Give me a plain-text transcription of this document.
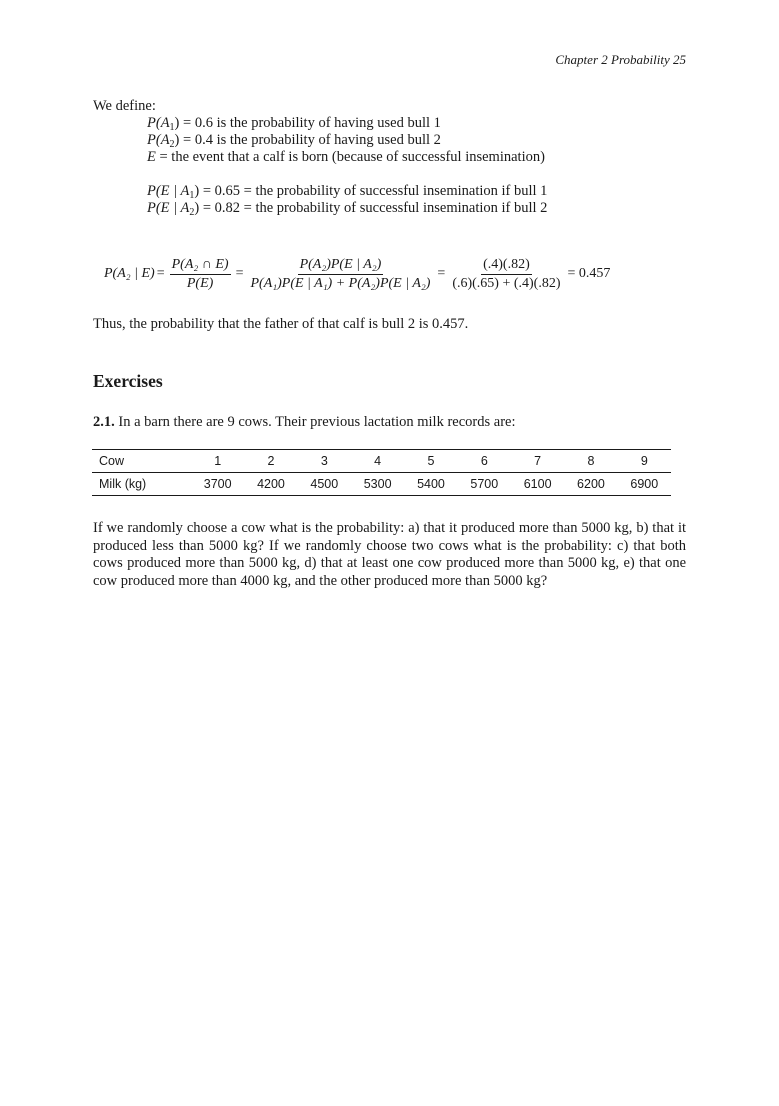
Chapter 2 Probability 25
We define:
$P(A_1) = 0.6$ is the probability of having used bull 1
$P(A_2) = 0.4$ is the probability of having used bull 2
E = the event that a calf is born (because of successful insemination)
P(E | $A_1) = 0.65$ = the probability of successful insemination if bull 1
P(E | $A_2) = 0.82$ = the probability of successful insemination if bull 2
P(A₂ | $E) = \frac{\text{P(A₂ ∩ E)}}{P(E)} = \frac{\text{P(A₂)P(E | A₂)}}{\text{P(A₁)P(E | A₁) + P(A₂)P(E | A₂)}} = \frac{(.4)(.82)}{(.6)(.65) + (.4)(.82)} = 0.457$
Thus, the probability that the father of that calf is bull 2 is 0.457.
Exercises
2.1. In a barn there are 9 cows. Their previous lactation milk records are:
Cow	1	2	3	4	5	6	7	8	9
Milk (kg)	3700	4200	4500	5300	5400	5700	6100	6200	6900
If we randomly choose a cow what is the probability: a) that it produced more than 5000 kg, b) that it produced less than 5000 kg? If we randomly choose two cows what is the probability: c) that both cows produced more than 5000 kg, d) that at least one cow produced more than 5000 kg, e) that one cow produced more than 4000 kg, and the other produced more than 5000 kg?
